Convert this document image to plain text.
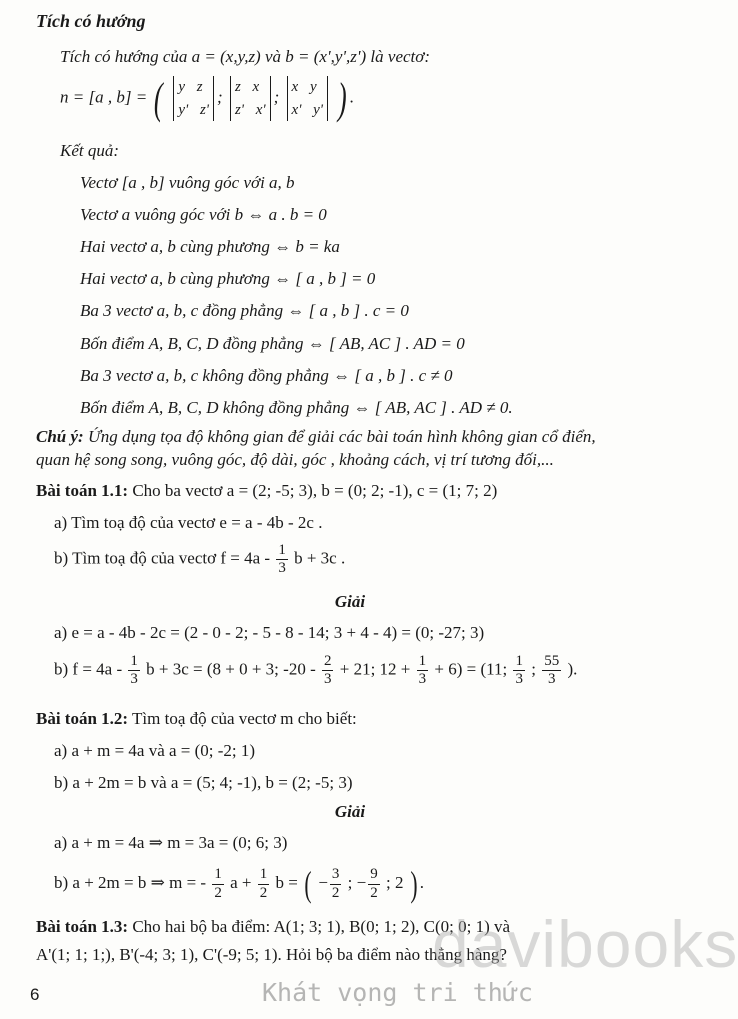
Tích có hướng
Tích có hướng của a = (x,y,z) và b = (x',y',z') là vectơ:
n = [a , b] = ( y z
y' z'
;
z x
z' x'
;
x y
x' y' ) .
Kết quả:
Vectơ [a , b] vuông góc với a, b
Vectơ a vuông góc với b ⇔ a . b = 0
Hai vectơ a, b cùng phương ⇔ b = ka
Hai vectơ a, b cùng phương ⇔ [ a , b ] = 0
Ba 3 vectơ a, b, c đồng phẳng ⇔ [ a , b ] . c = 0
Bốn điểm A, B, C, D đồng phẳng ⇔ [ AB, AC ] . AD = 0
Ba 3 vectơ a, b, c không đồng phẳng ⇔ [ a , b ] . c ≠ 0
Bốn điểm A, B, C, D không đồng phẳng ⇔ [ AB, AC ] . AD ≠ 0.
Chú ý: Ứng dụng tọa độ không gian để giải các bài toán hình không gian cổ điển,
quan hệ song song, vuông góc, độ dài, góc , khoảng cách, vị trí tương đối,...
Bài toán 1.1: Cho ba vectơ a = (2; -5; 3), b = (0; 2; -1), c = (1; 7; 2)
a) Tìm toạ độ của vectơ e = a - 4b - 2c .
b) Tìm toạ độ của vectơ $f = 4a - \frac{1}{3}$ b + 3c .
Giải
a) e = a - 4b - 2c = (2 - 0 - 2; - 5 - 8 - 14; 3 + 4 - 4) = (0; -27; 3)
b) $f = 4a - \frac{1}{3}$ b + 3c = (8 + 0 + 3; $-20 - \frac{2}{3} + 21$; $12 + \frac{1}{3} + 6) = (11$; $\frac{1}{3}$ ; $\frac{55}{3}$ ).
Bài toán 1.2: Tìm toạ độ của vectơ m cho biết:
a) a + m = 4a và a = (0; -2; 1)
b) a + 2m = b và a = (5; 4; -1), b = (2; -5; 3)
Giải
a) a + m = 4a ⇒ m = 3a = (0; 6; 3)
b) a + 2m = b ⇒ m = - $\frac{1}{2}$ $a + \frac{1}{2}$ b = ( − $\frac{3}{2}$ ; − $\frac{9}{2}$ ; 2 ) .
Bài toán 1.3: Cho hai bộ ba điểm: A(1; 3; 1), B(0; 1; 2), C(0; 0; 1) và
A'(1; 1; 1;), B'(-4; 3; 1), C'(-9; 5; 1). Hỏi bộ ba điểm nào thẳng hàng?
davibooks
Khát vọng tri thức
6
